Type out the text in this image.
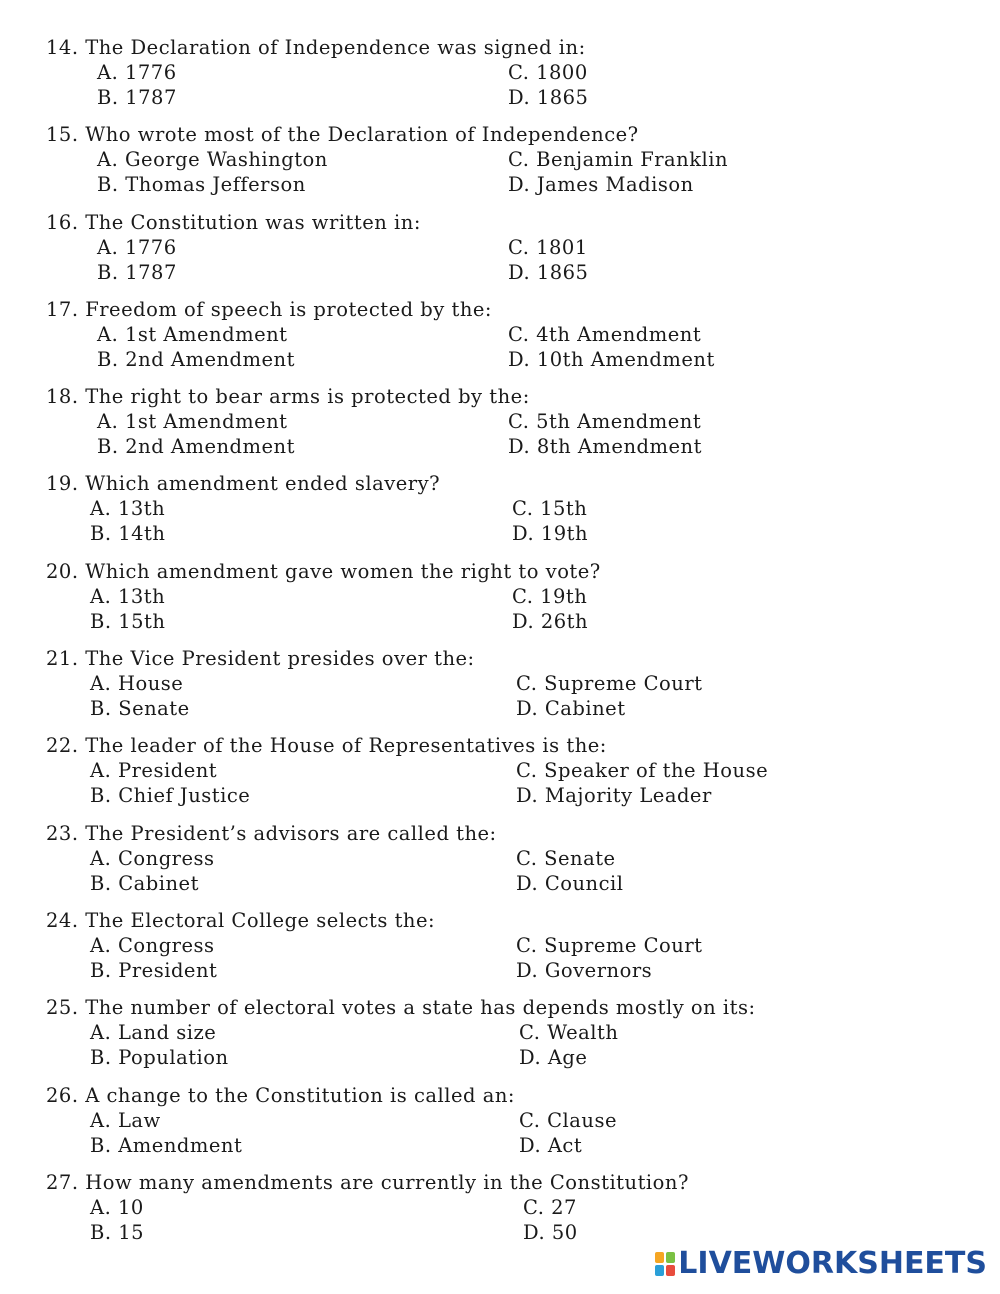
14. The Declaration of Independence was signed in:
A. 1776	C. 1800
B. 1787	D. 1865
15. Who wrote most of the Declaration of Independence?
A. George Washington	C. Benjamin Franklin
B. Thomas Jefferson	D. James Madison
16. The Constitution was written in:
A. 1776	C. 1801
B. 1787	D. 1865
17. Freedom of speech is protected by the:
A. 1st Amendment	C. 4th Amendment
B. 2nd Amendment	D. 10th Amendment
18. The right to bear arms is protected by the:
A. 1st Amendment	C. 5th Amendment
B. 2nd Amendment	D. 8th Amendment
19. Which amendment ended slavery?
A. 13th	C. 15th
B. 14th	D. 19th
20. Which amendment gave women the right to vote?
A. 13th	C. 19th
B. 15th	D. 26th
21. The Vice President presides over the:
A. House	C. Supreme Court
B. Senate	D. Cabinet
22. The leader of the House of Representatives is the:
A. President	C. Speaker of the House
B. Chief Justice	D. Majority Leader
23. The President’s advisors are called the:
A. Congress	C. Senate
B. Cabinet	D. Council
24. The Electoral College selects the:
A. Congress	C. Supreme Court
B. President	D. Governors
25. The number of electoral votes a state has depends mostly on its:
A. Land size	C. Wealth
B. Population	D. Age
26. A change to the Constitution is called an:
A. Law	C. Clause
B. Amendment	D. Act
27. How many amendments are currently in the Constitution?
A. 10	C. 27
B. 15	D. 50
LIVEWORKSHEETS
